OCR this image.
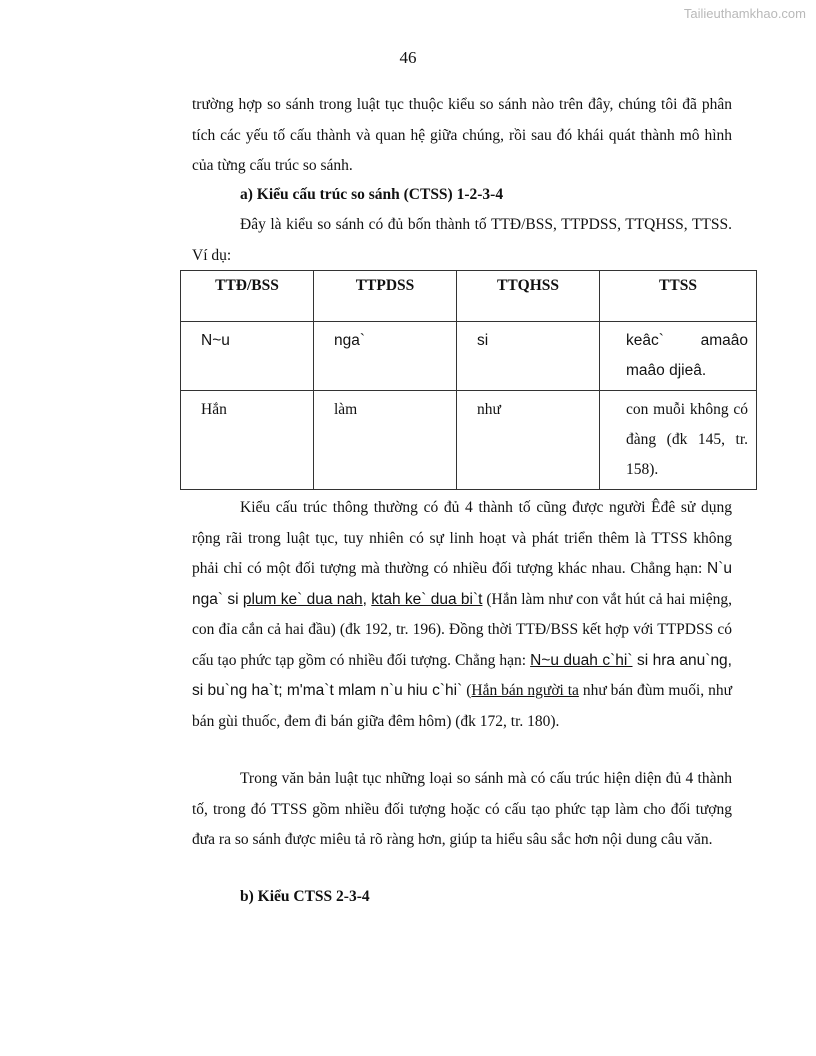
Tailieuthamkhao.com
46

trường hợp so sánh trong luật tục thuộc kiểu so sánh nào trên đây, chúng tôi đã phân tích các yếu tố cấu thành và quan hệ giữa chúng, rồi sau đó khái quát thành mô hình của từng cấu trúc so sánh.

a) Kiểu cấu trúc so sánh (CTSS) 1-2-3-4

Đây là kiểu so sánh có đủ bốn thành tố TTĐ/BSS, TTPDSS, TTQHSS, TTSS. Ví dụ:

TTĐ/BSS	TTPDSS	TTQHSS	TTSS
N~u	nga`	si	keâc` amaâo maâo djieâ.
Hắn	làm	như	con muỗi không có đàng (đk 145, tr. 158).

Kiểu cấu trúc thông thường có đủ 4 thành tố cũng được người Êđê sử dụng rộng rãi trong luật tục, tuy nhiên có sự linh hoạt và phát triển thêm là TTSS không phải chỉ có một đối tượng mà thường có nhiều đối tượng khác nhau. Chẳng hạn: N`u nga` si plum ke` dua nah, ktah ke` dua bi`t (Hắn làm như con vắt hút cả hai miệng, con đỉa cắn cả hai đầu) (đk 192, tr. 196). Đồng thời TTĐ/BSS kết hợp với TTPDSS có cấu tạo phức tạp gồm có nhiều đối tượng. Chẳng hạn: N~u duah c`hi` si hra anu`ng, si bu`ng ha`t; m'ma`t mlam n`u hiu c`hi` (Hắn bán người ta như bán đùm muối, như bán gùi thuốc, đem đi bán giữa đêm hôm) (đk 172, tr. 180).

Trong văn bản luật tục những loại so sánh mà có cấu trúc hiện diện đủ 4 thành tố, trong đó TTSS gồm nhiều đối tượng hoặc có cấu tạo phức tạp làm cho đối tượng đưa ra so sánh được miêu tả rõ ràng hơn, giúp ta hiểu sâu sắc hơn nội dung câu văn.

b) Kiểu CTSS 2-3-4
